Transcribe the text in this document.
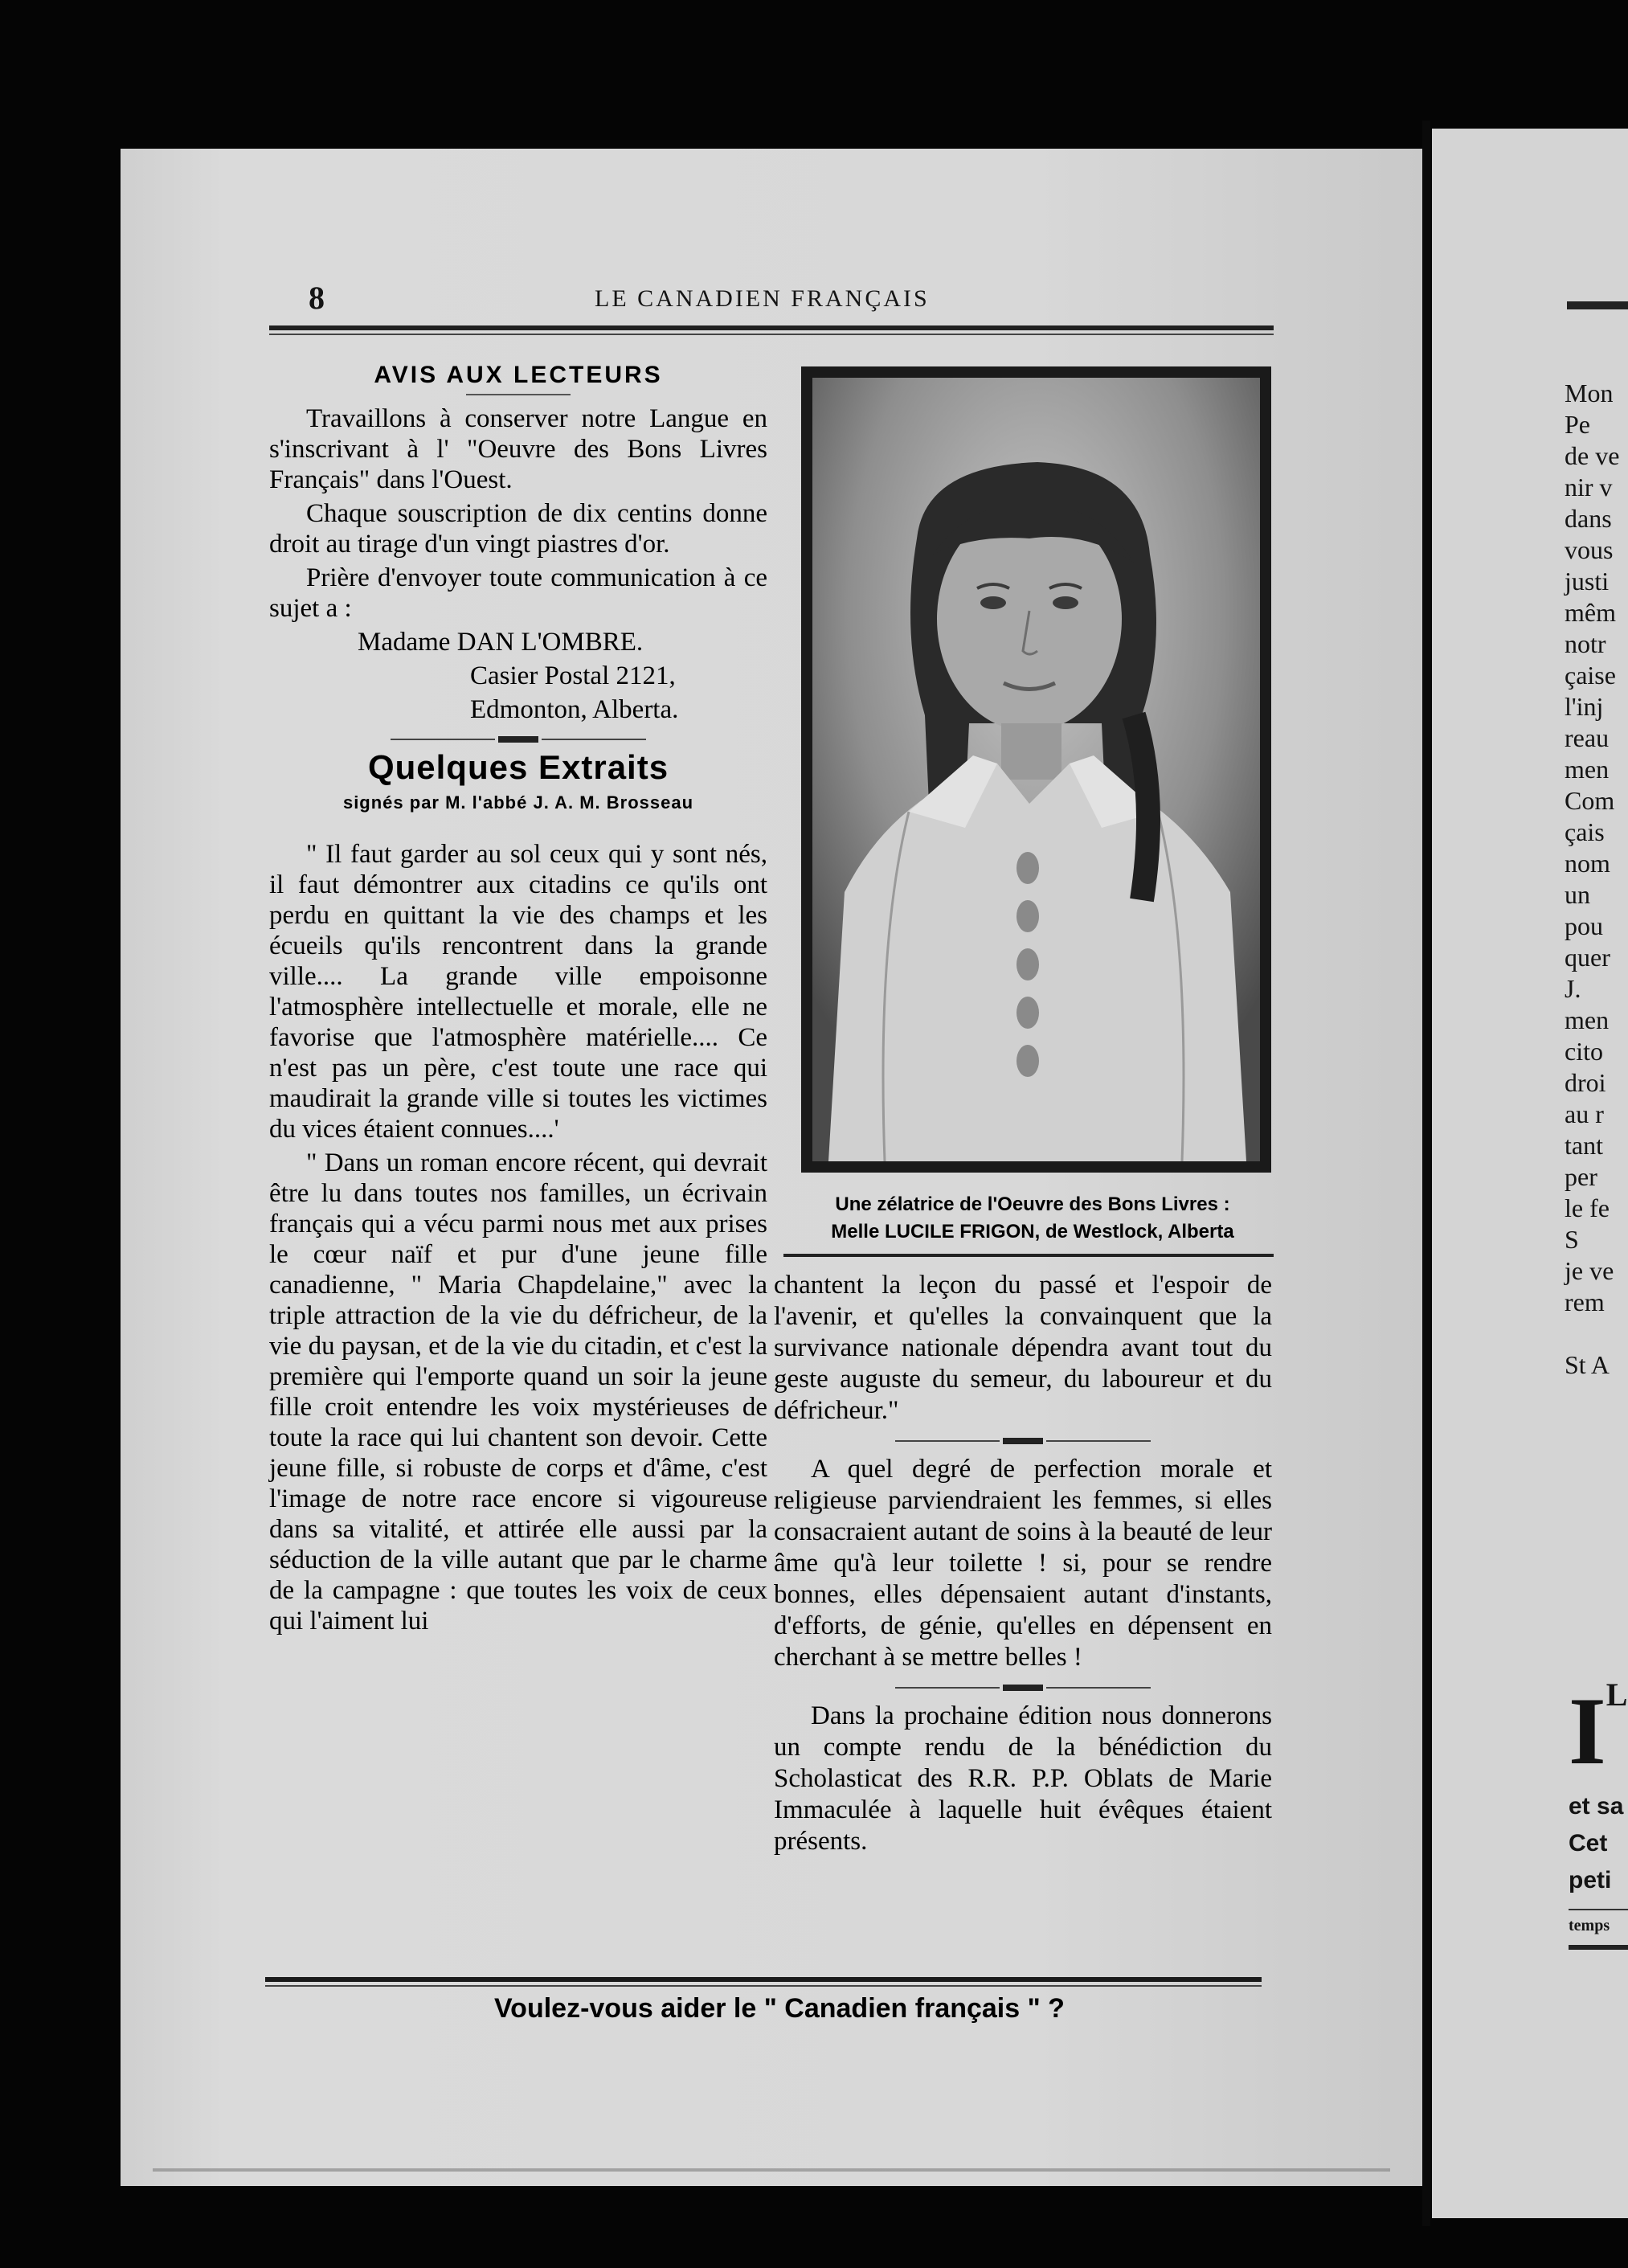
8	LE CANADIEN FRANÇAIS
AVIS AUX LECTEURS

Travaillons à conserver notre Langue en s'inscrivant à l' "Oeuvre des Bons Livres Français" dans l'Ouest.

Chaque souscription de dix centins donne droit au tirage d'un vingt piastres d'or.

Prière d'envoyer toute communication à ce sujet a :

Madame DAN L'OMBRE.

Casier Postal 2121,

Edmonton, Alberta.

Quelques Extraits
signés par M. l'abbé J. A. M. Brosseau

" Il faut garder au sol ceux qui y sont nés, il faut démontrer aux citadins ce qu'ils ont perdu en quittant la vie des champs et les écueils qu'ils rencontrent dans la grande ville.... La grande ville empoisonne l'atmosphère intellectuelle et morale, elle ne favorise que l'atmosphère matérielle.... Ce n'est pas un père, c'est toute une race qui maudirait la grande ville si toutes les victimes du vices étaient connues....'

" Dans un roman encore récent, qui devrait être lu dans toutes nos familles, un écrivain français qui a vécu parmi nous met aux prises le cœur naïf et pur d'une jeune fille canadienne, " Maria Chapdelaine," avec la triple attraction de la vie du défricheur, de la vie du paysan, et de la vie du citadin, et c'est la première qui l'emporte quand un soir la jeune fille croit entendre les voix mystérieuses de toute la race qui lui chantent son devoir. Cette jeune fille, si robuste de corps et d'âme, c'est l'image de notre race encore si vigoureuse dans sa vitalité, et attirée elle aussi par la séduction de la ville autant que par le charme de la campagne : que toutes les voix de ceux qui l'aiment lui

Une zélatrice de l'Oeuvre des Bons Livres :
Melle LUCILE FRIGON, de Westlock, Alberta

chantent la leçon du passé et l'espoir de l'avenir, et qu'elles la convainquent que la survivance nationale dépendra avant tout du geste auguste du semeur, du laboureur et du défricheur."

A quel degré de perfection morale et religieuse parviendraient les femmes, si elles consacraient autant de soins à la beauté de leur âme qu'à leur toilette ! si, pour se rendre bonnes, elles dépensaient autant d'instants, d'efforts, de génie, qu'elles en dépensent en cherchant à se mettre belles !

Dans la prochaine édition nous donnerons un compte rendu de la bénédiction du Scholasticat des R.R. P.P. Oblats de Marie Immaculée à laquelle huit évêques étaient présents.

Voulez-vous aider le " Canadien français " ?
Mon
Pe
de ve
nir v
dans
vous
justi
mêm
notr
çaise
l'inj
reau
men
Com
çais
nom
un
pou
quer
J.
men
cito
droi
au r
tant
per
le fe
S
je ve
rem
St A
$I^L$
et sa
Cet
peti
temps
